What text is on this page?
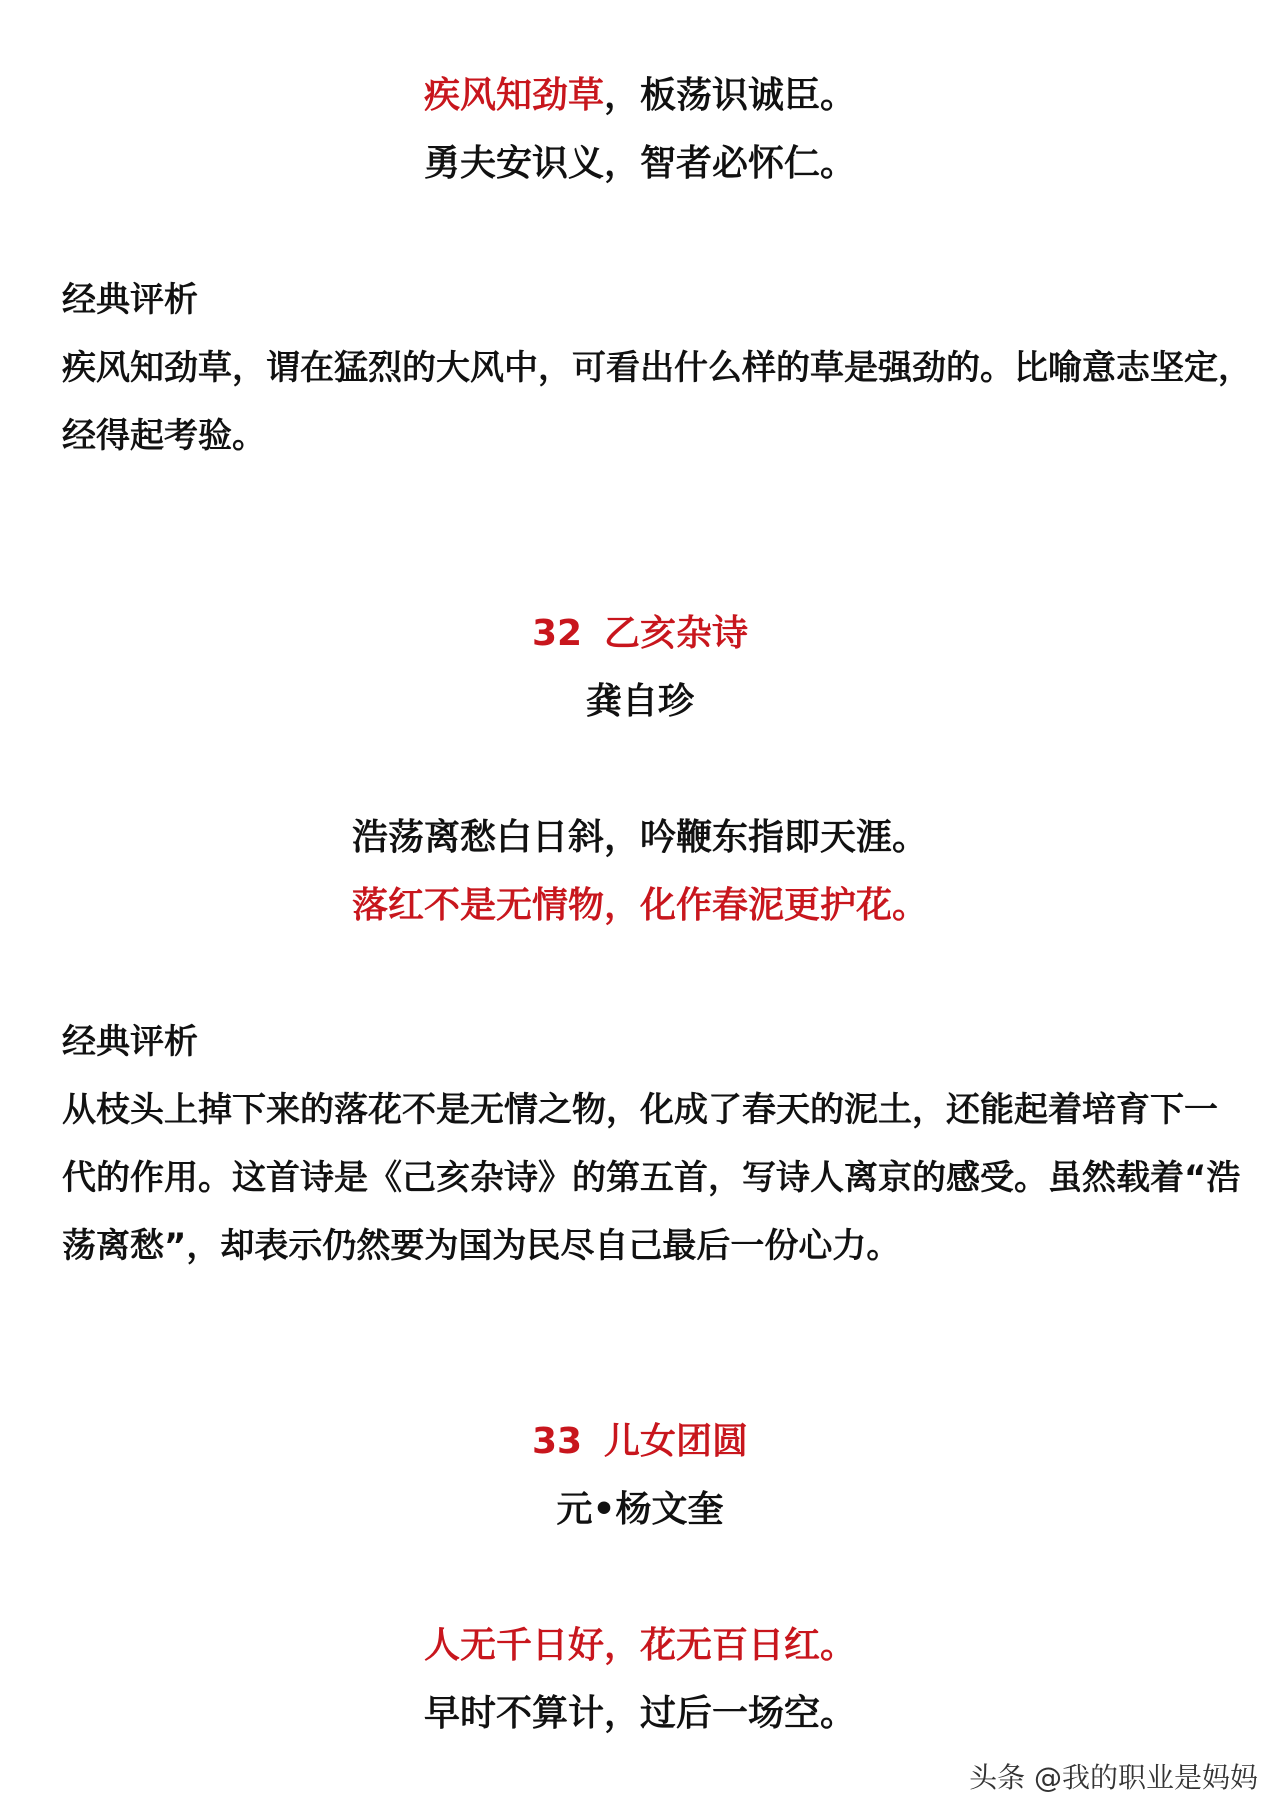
疾风知劲草，板荡识诚臣。
勇夫安识义，智者必怀仁。
经典评析
疾风知劲草，谓在猛烈的大风中，可看出什么样的草是强劲的。比喻意志坚定，
经得起考验。
32 乙亥杂诗
龚自珍
浩荡离愁白日斜，吟鞭东指即天涯。
落红不是无情物，化作春泥更护花。
经典评析
从枝头上掉下来的落花不是无情之物，化成了春天的泥土，还能起着培育下一
代的作用。这首诗是《己亥杂诗》的第五首，写诗人离京的感受。虽然载着“浩
荡离愁”，却表示仍然要为国为民尽自己最后一份心力。
33 儿女团圆
元•杨文奎
人无千日好，花无百日红。
早时不算计，过后一场空。
头条 @我的职业是妈妈
